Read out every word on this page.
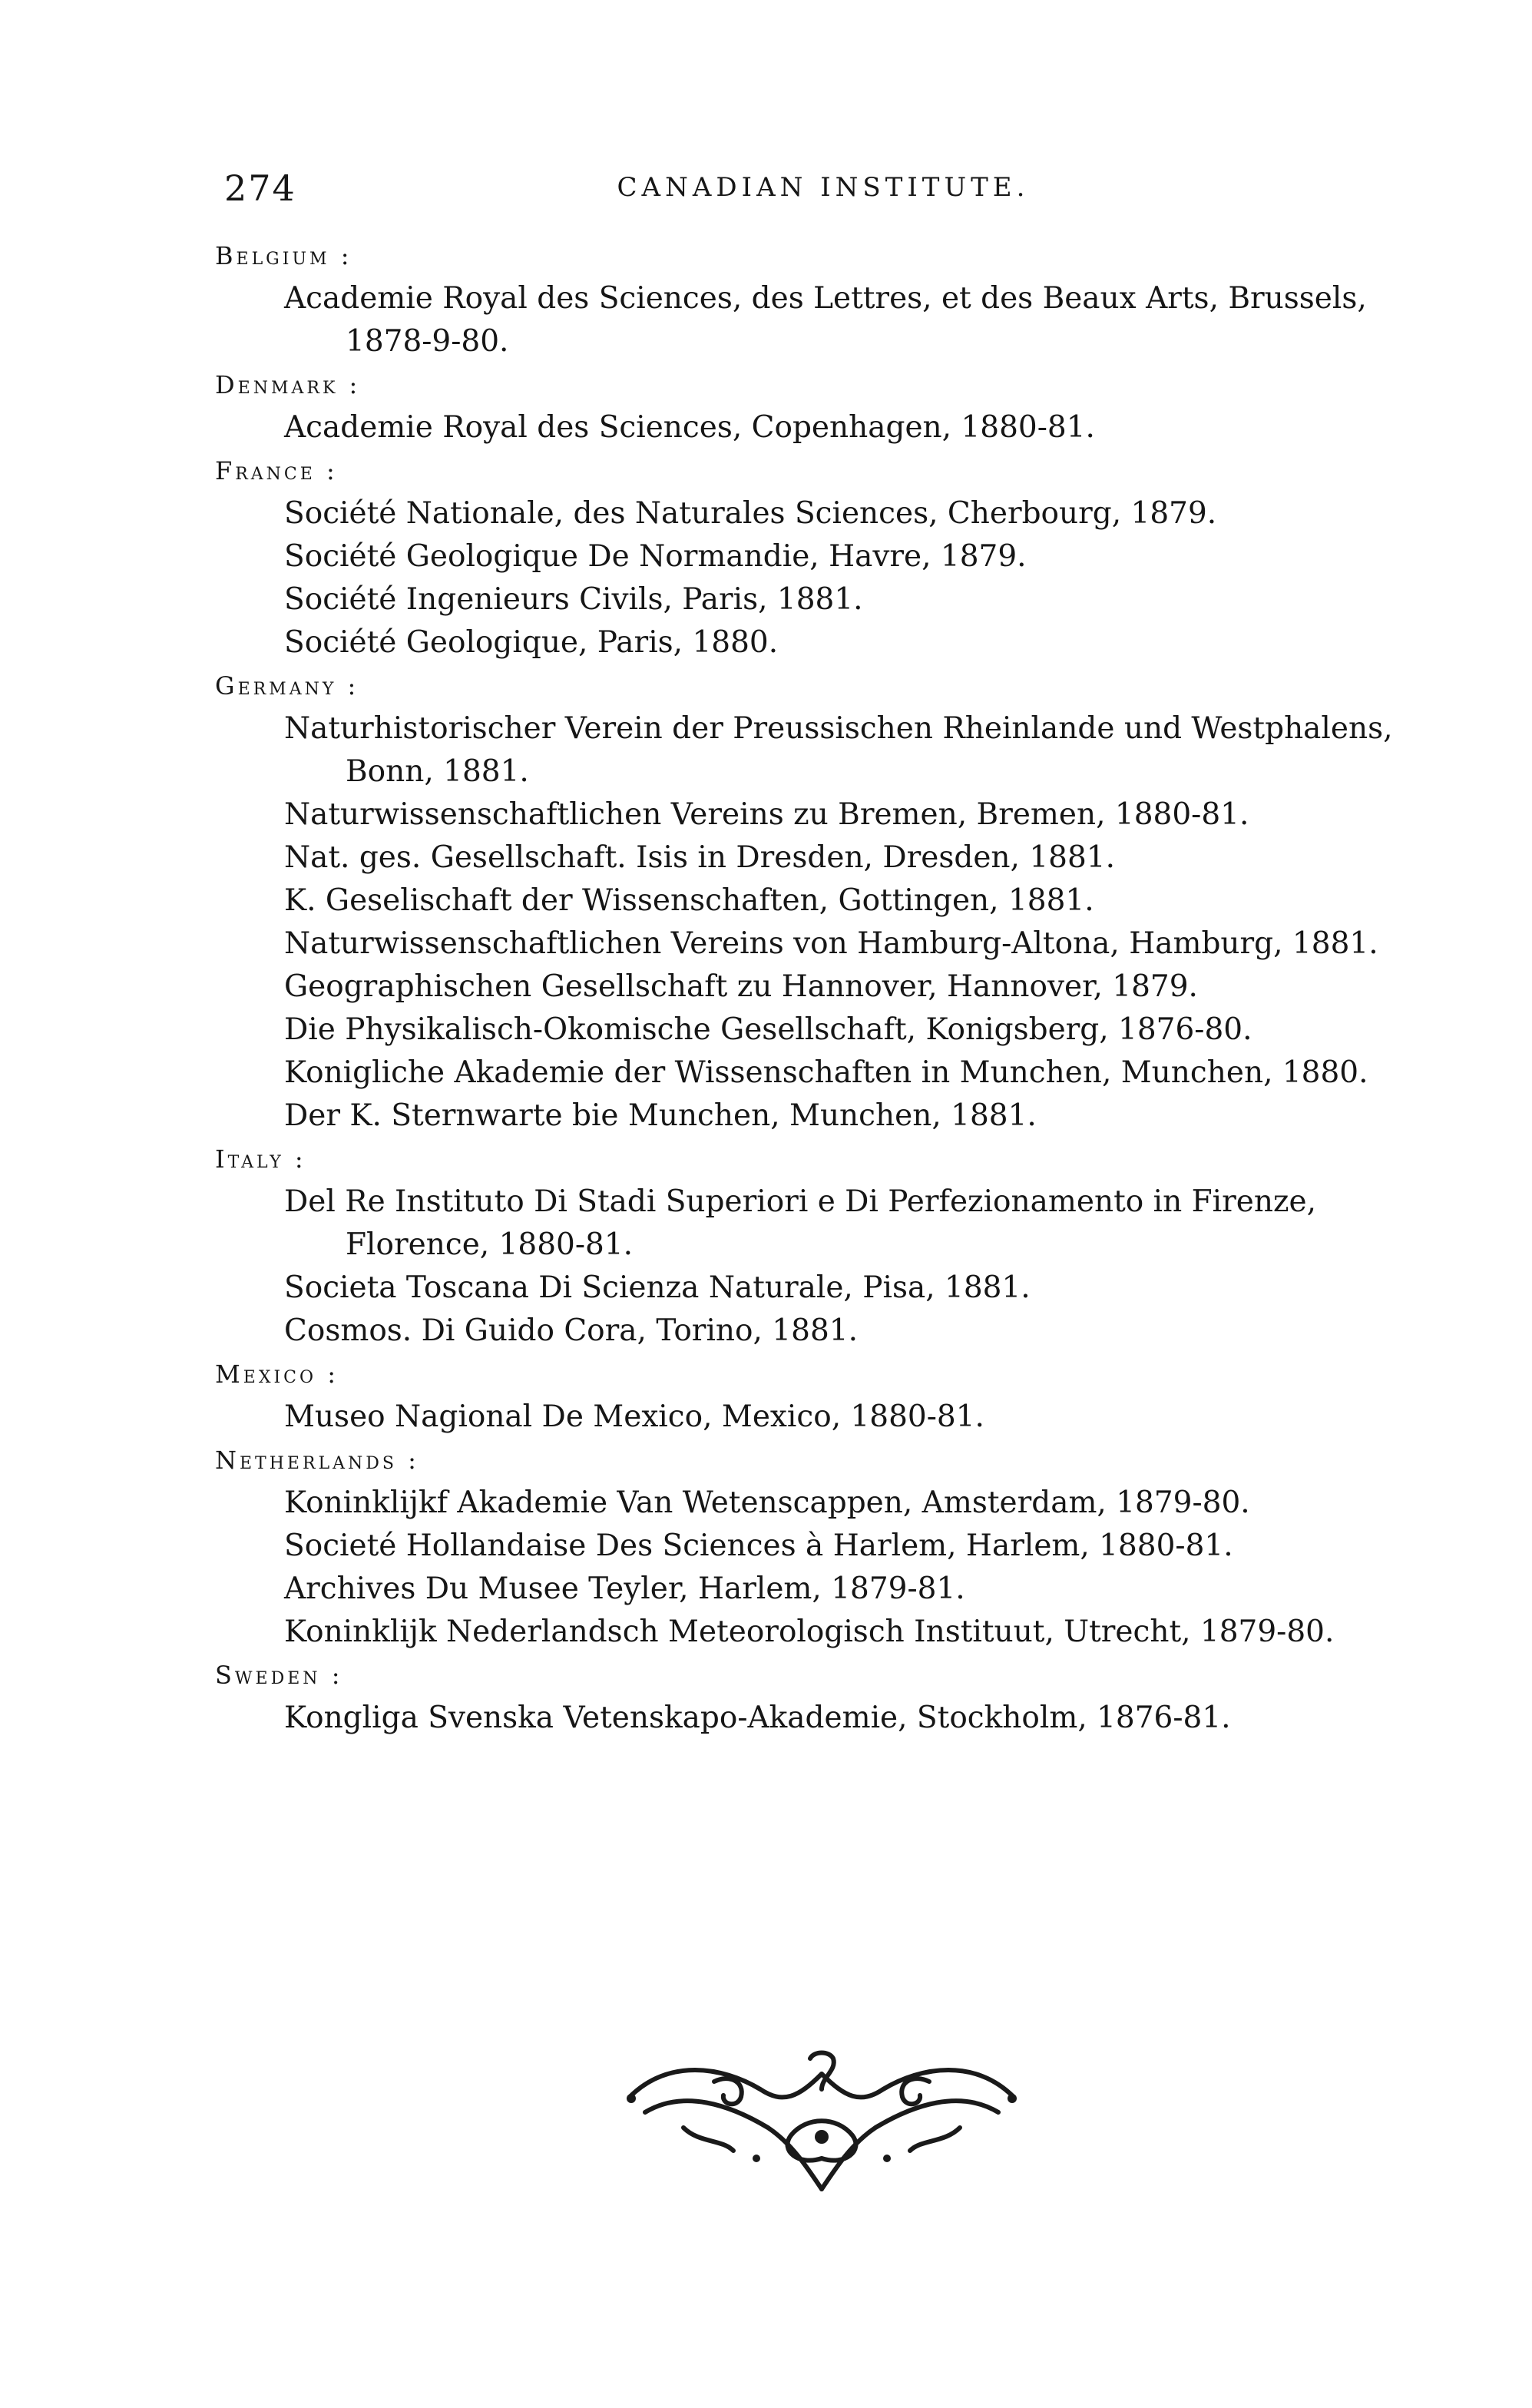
274	CANADIAN INSTITUTE.
Belgium :
Academie Royal des Sciences, des Lettres, et des Beaux Arts, Brussels,
1878-9-80.
Denmark :
Academie Royal des Sciences, Copenhagen, 1880-81.
France :
Société Nationale, des Naturales Sciences, Cherbourg, 1879.
Société Geologique De Normandie, Havre, 1879.
Société Ingenieurs Civils, Paris, 1881.
Société Geologique, Paris, 1880.
Germany :
Naturhistorischer Verein der Preussischen Rheinlande und Westphalens,
Bonn, 1881.
Naturwissenschaftlichen Vereins zu Bremen, Bremen, 1880-81.
Nat. ges. Gesellschaft. Isis in Dresden, Dresden, 1881.
K. Geselischaft der Wissenschaften, Gottingen, 1881.
Naturwissenschaftlichen Vereins von Hamburg-Altona, Hamburg, 1881.
Geographischen Gesellschaft zu Hannover, Hannover, 1879.
Die Physikalisch-Okomische Gesellschaft, Konigsberg, 1876-80.
Konigliche Akademie der Wissenschaften in Munchen, Munchen, 1880.
Der K. Sternwarte bie Munchen, Munchen, 1881.
Italy :
Del Re Instituto Di Stadi Superiori e Di Perfezionamento in Firenze,
Florence, 1880-81.
Societa Toscana Di Scienza Naturale, Pisa, 1881.
Cosmos. Di Guido Cora, Torino, 1881.
Mexico :
Museo Nagional De Mexico, Mexico, 1880-81.
Netherlands :
Koninklijkf Akademie Van Wetenscappen, Amsterdam, 1879-80.
Societé Hollandaise Des Sciences à Harlem, Harlem, 1880-81.
Archives Du Musee Teyler, Harlem, 1879-81.
Koninklijk Nederlandsch Meteorologisch Instituut, Utrecht, 1879-80.
Sweden :
Kongliga Svenska Vetenskapo-Akademie, Stockholm, 1876-81.
